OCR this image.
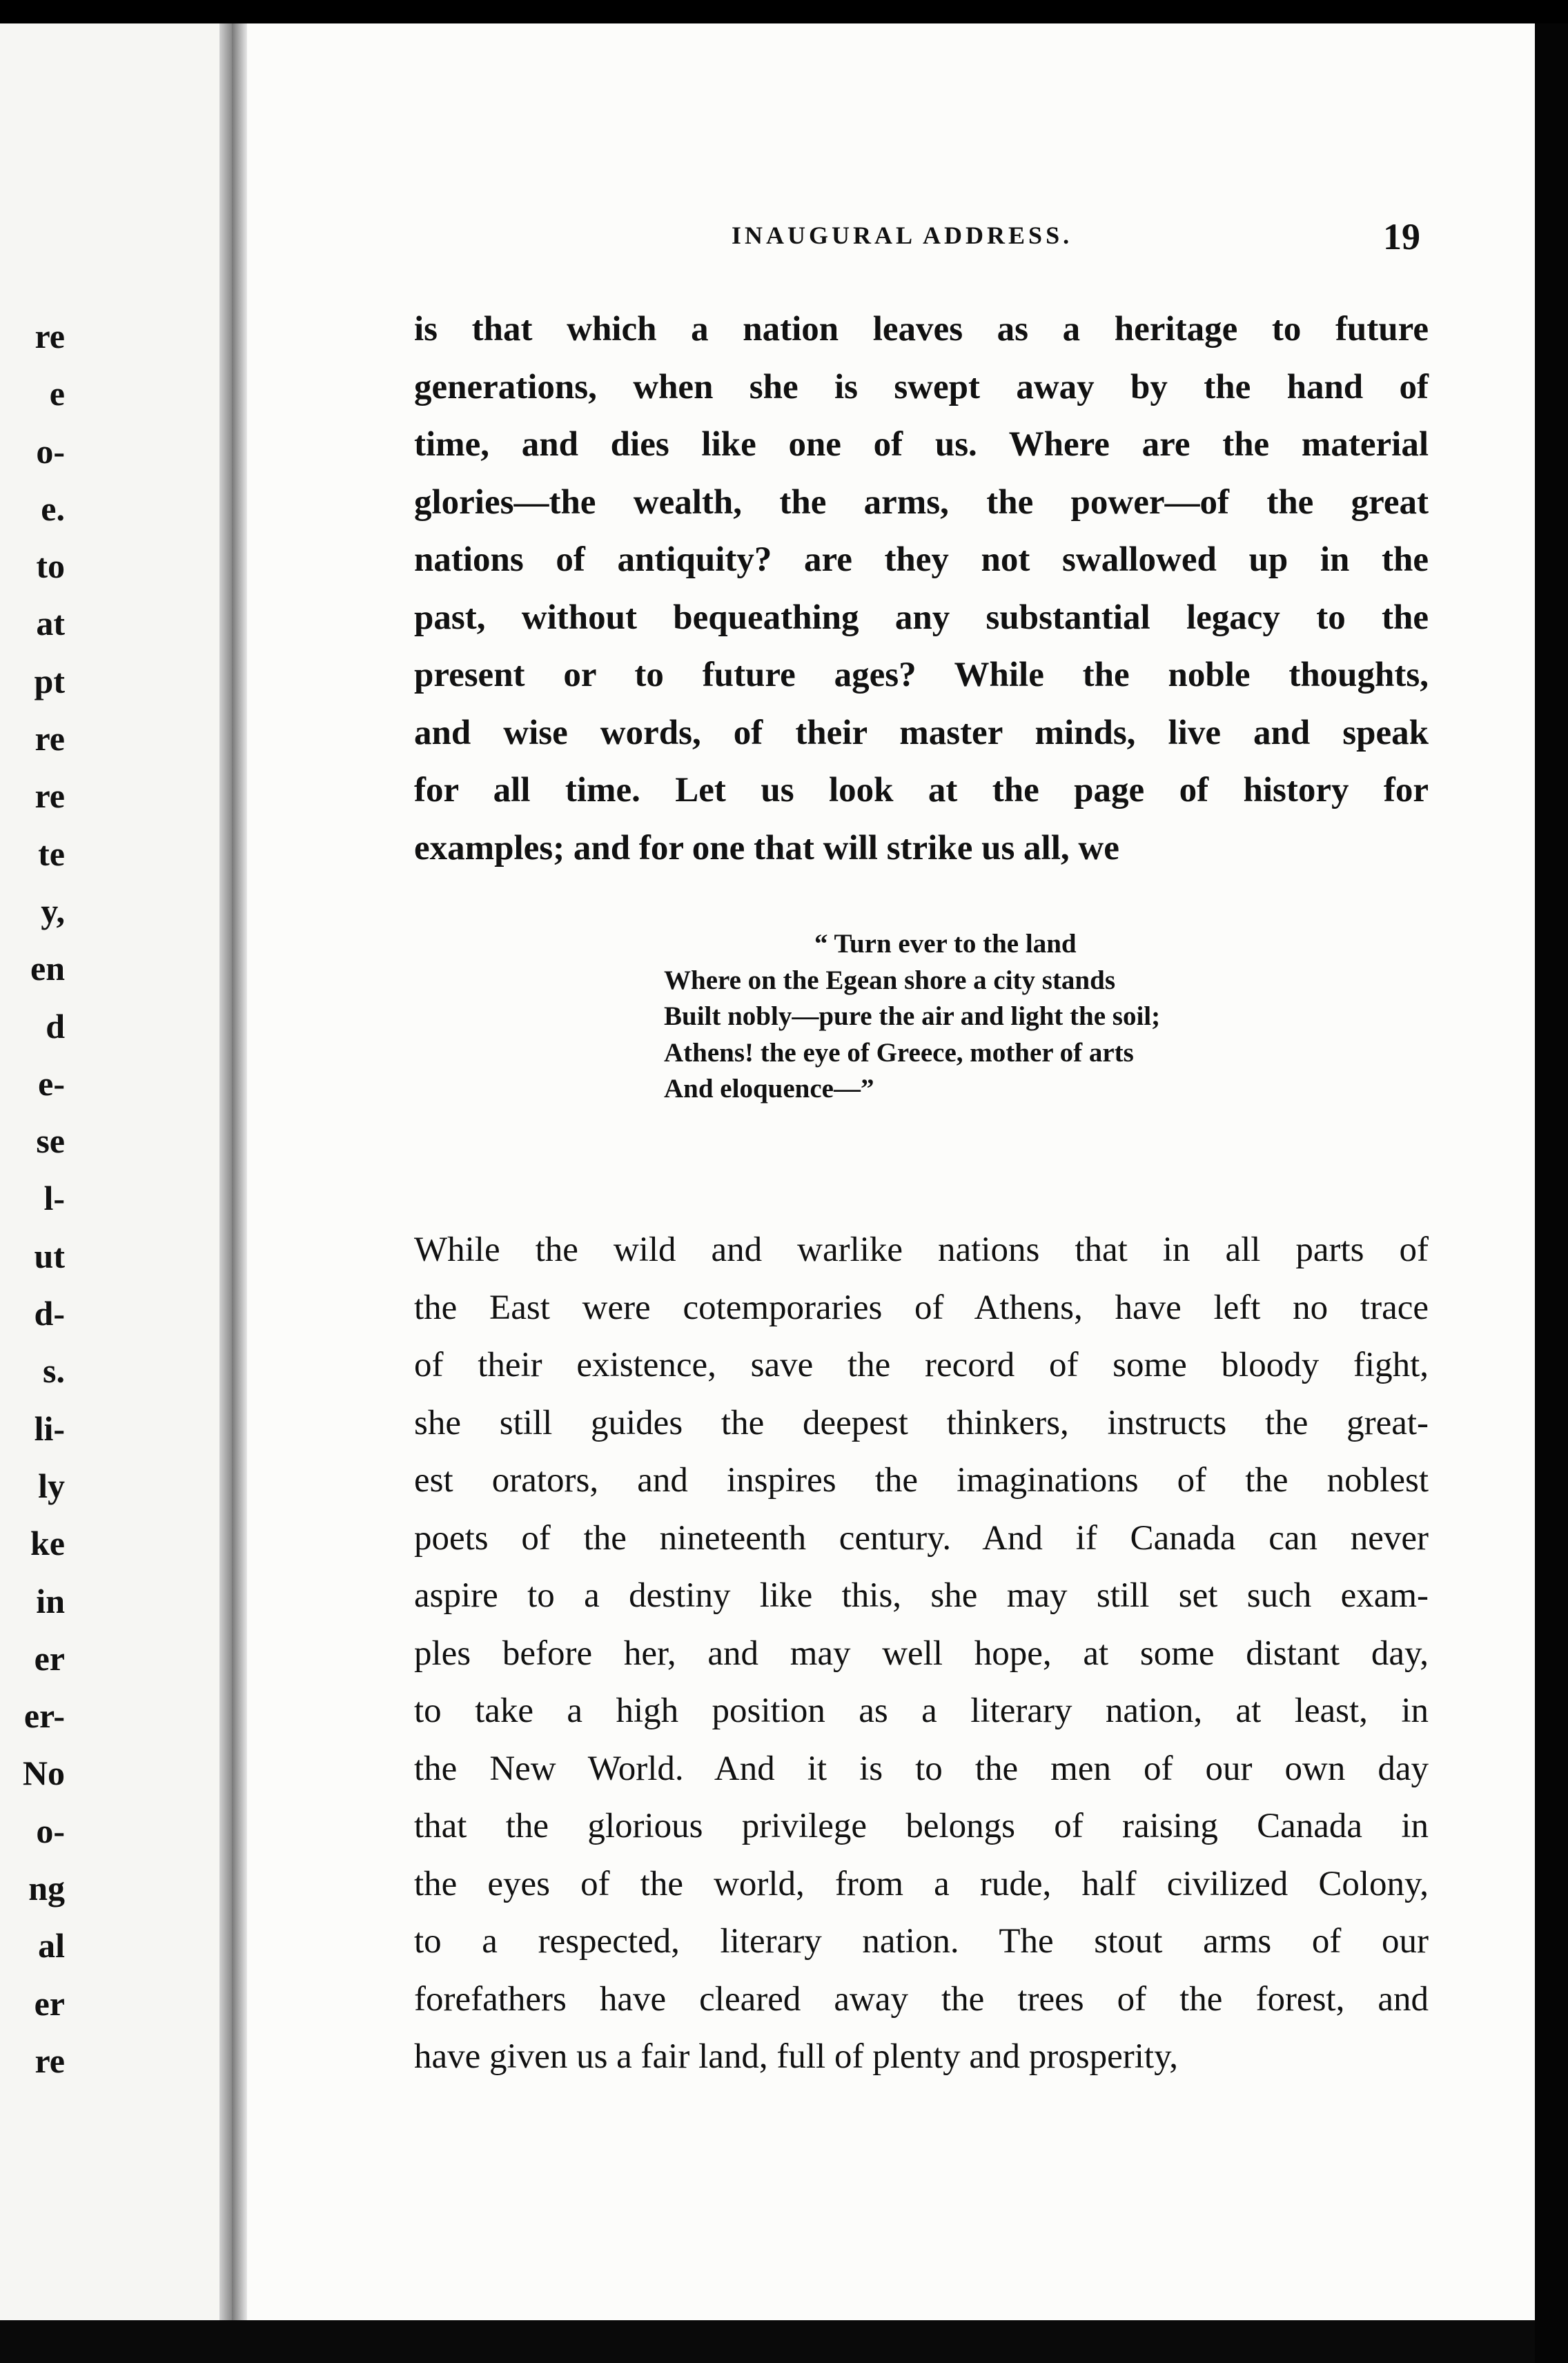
re
e
o-
e.
to
at
pt
re
re
te
y,
en
d
e-
se
l-
ut
d-
s.
li-
ly
ke
in
er
er-
No
o-
ng
al
er
re
INAUGURAL ADDRESS.	19
is that which a nation leaves as a heritage to future
generations, when she is swept away by the hand of
time, and dies like one of us. Where are the material
glories—the wealth, the arms, the power—of the great
nations of antiquity? are they not swallowed up in the
past, without bequeathing any substantial legacy to the
present or to future ages? While the noble thoughts,
and wise words, of their master minds, live and speak
for all time. Let us look at the page of history for
examples; and for one that will strike us all, we
“ Turn ever to the land
Where on the Egean shore a city stands
Built nobly—pure the air and light the soil;
Athens! the eye of Greece, mother of arts
And eloquence—”
While the wild and warlike nations that in all parts of
the East were cotemporaries of Athens, have left no trace
of their existence, save the record of some bloody fight,
she still guides the deepest thinkers, instructs the great-
est orators, and inspires the imaginations of the noblest
poets of the nineteenth century. And if Canada can never
aspire to a destiny like this, she may still set such exam-
ples before her, and may well hope, at some distant day,
to take a high position as a literary nation, at least, in
the New World. And it is to the men of our own day
that the glorious privilege belongs of raising Canada in
the eyes of the world, from a rude, half civilized Colony,
to a respected, literary nation. The stout arms of our
forefathers have cleared away the trees of the forest, and
have given us a fair land, full of plenty and prosperity,
